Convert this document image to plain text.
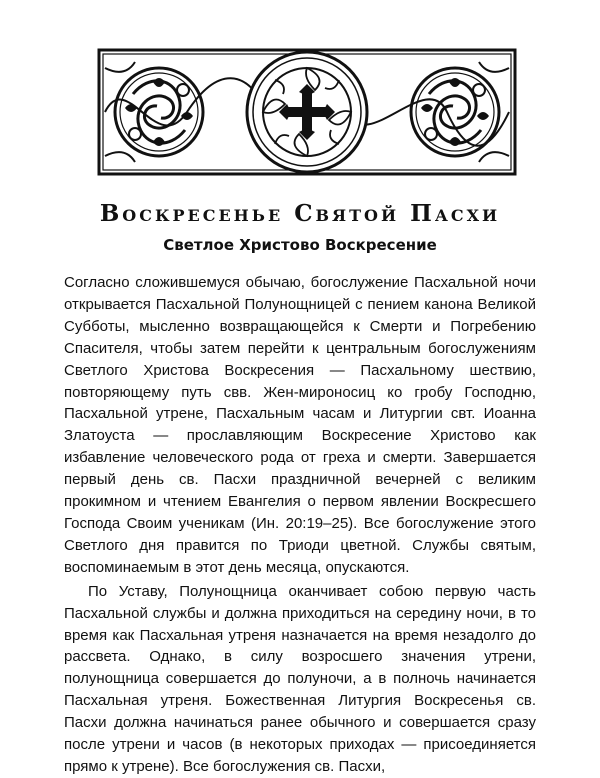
Воскресенье Святой Пасхи
Светлое Христово Воскресение

Согласно сложившемуся обычаю, богослужение Пасхальной ночи открывается Пасхальной Полунощницей с пением канона Великой Субботы, мысленно возвращающейся к Смерти и Погребению Спасителя, чтобы затем перейти к центральным богослужениям Светлого Христова Воскресения — Пасхальному шествию, повторяющему путь свв. Жен-мироносиц ко гробу Господню, Пасхальной утрене, Пасхальным часам и Литургии свт. Иоанна Златоуста — прославляющим Воскресение Христово как избавление человеческого рода от греха и смерти. Завершается первый день св. Пасхи праздничной вечерней с великим прокимном и чтением Евангелия о первом явлении Воскресшего Господа Своим ученикам (Ин. 20:19–25). Все богослужение этого Светлого дня правится по Триоди цветной. Службы святым, воспоминаемым в этот день месяца, опускаются.

По Уставу, Полунощница оканчивает собою первую часть Пасхальной службы и должна приходиться на середину ночи, в то время как Пасхальная утреня назначается на время незадолго до рассвета. Однако, в силу возросшего значения утрени, полунощница совершается до полуночи, а в полночь начинается Пасхальная утреня. Божественная Литургия Воскресенья св. Пасхи должна начинаться ранее обычного и совершается сразу после утрени и часов (в некоторых приходах — присоединяется прямо к утрене). Все богослужения св. Пасхи,
